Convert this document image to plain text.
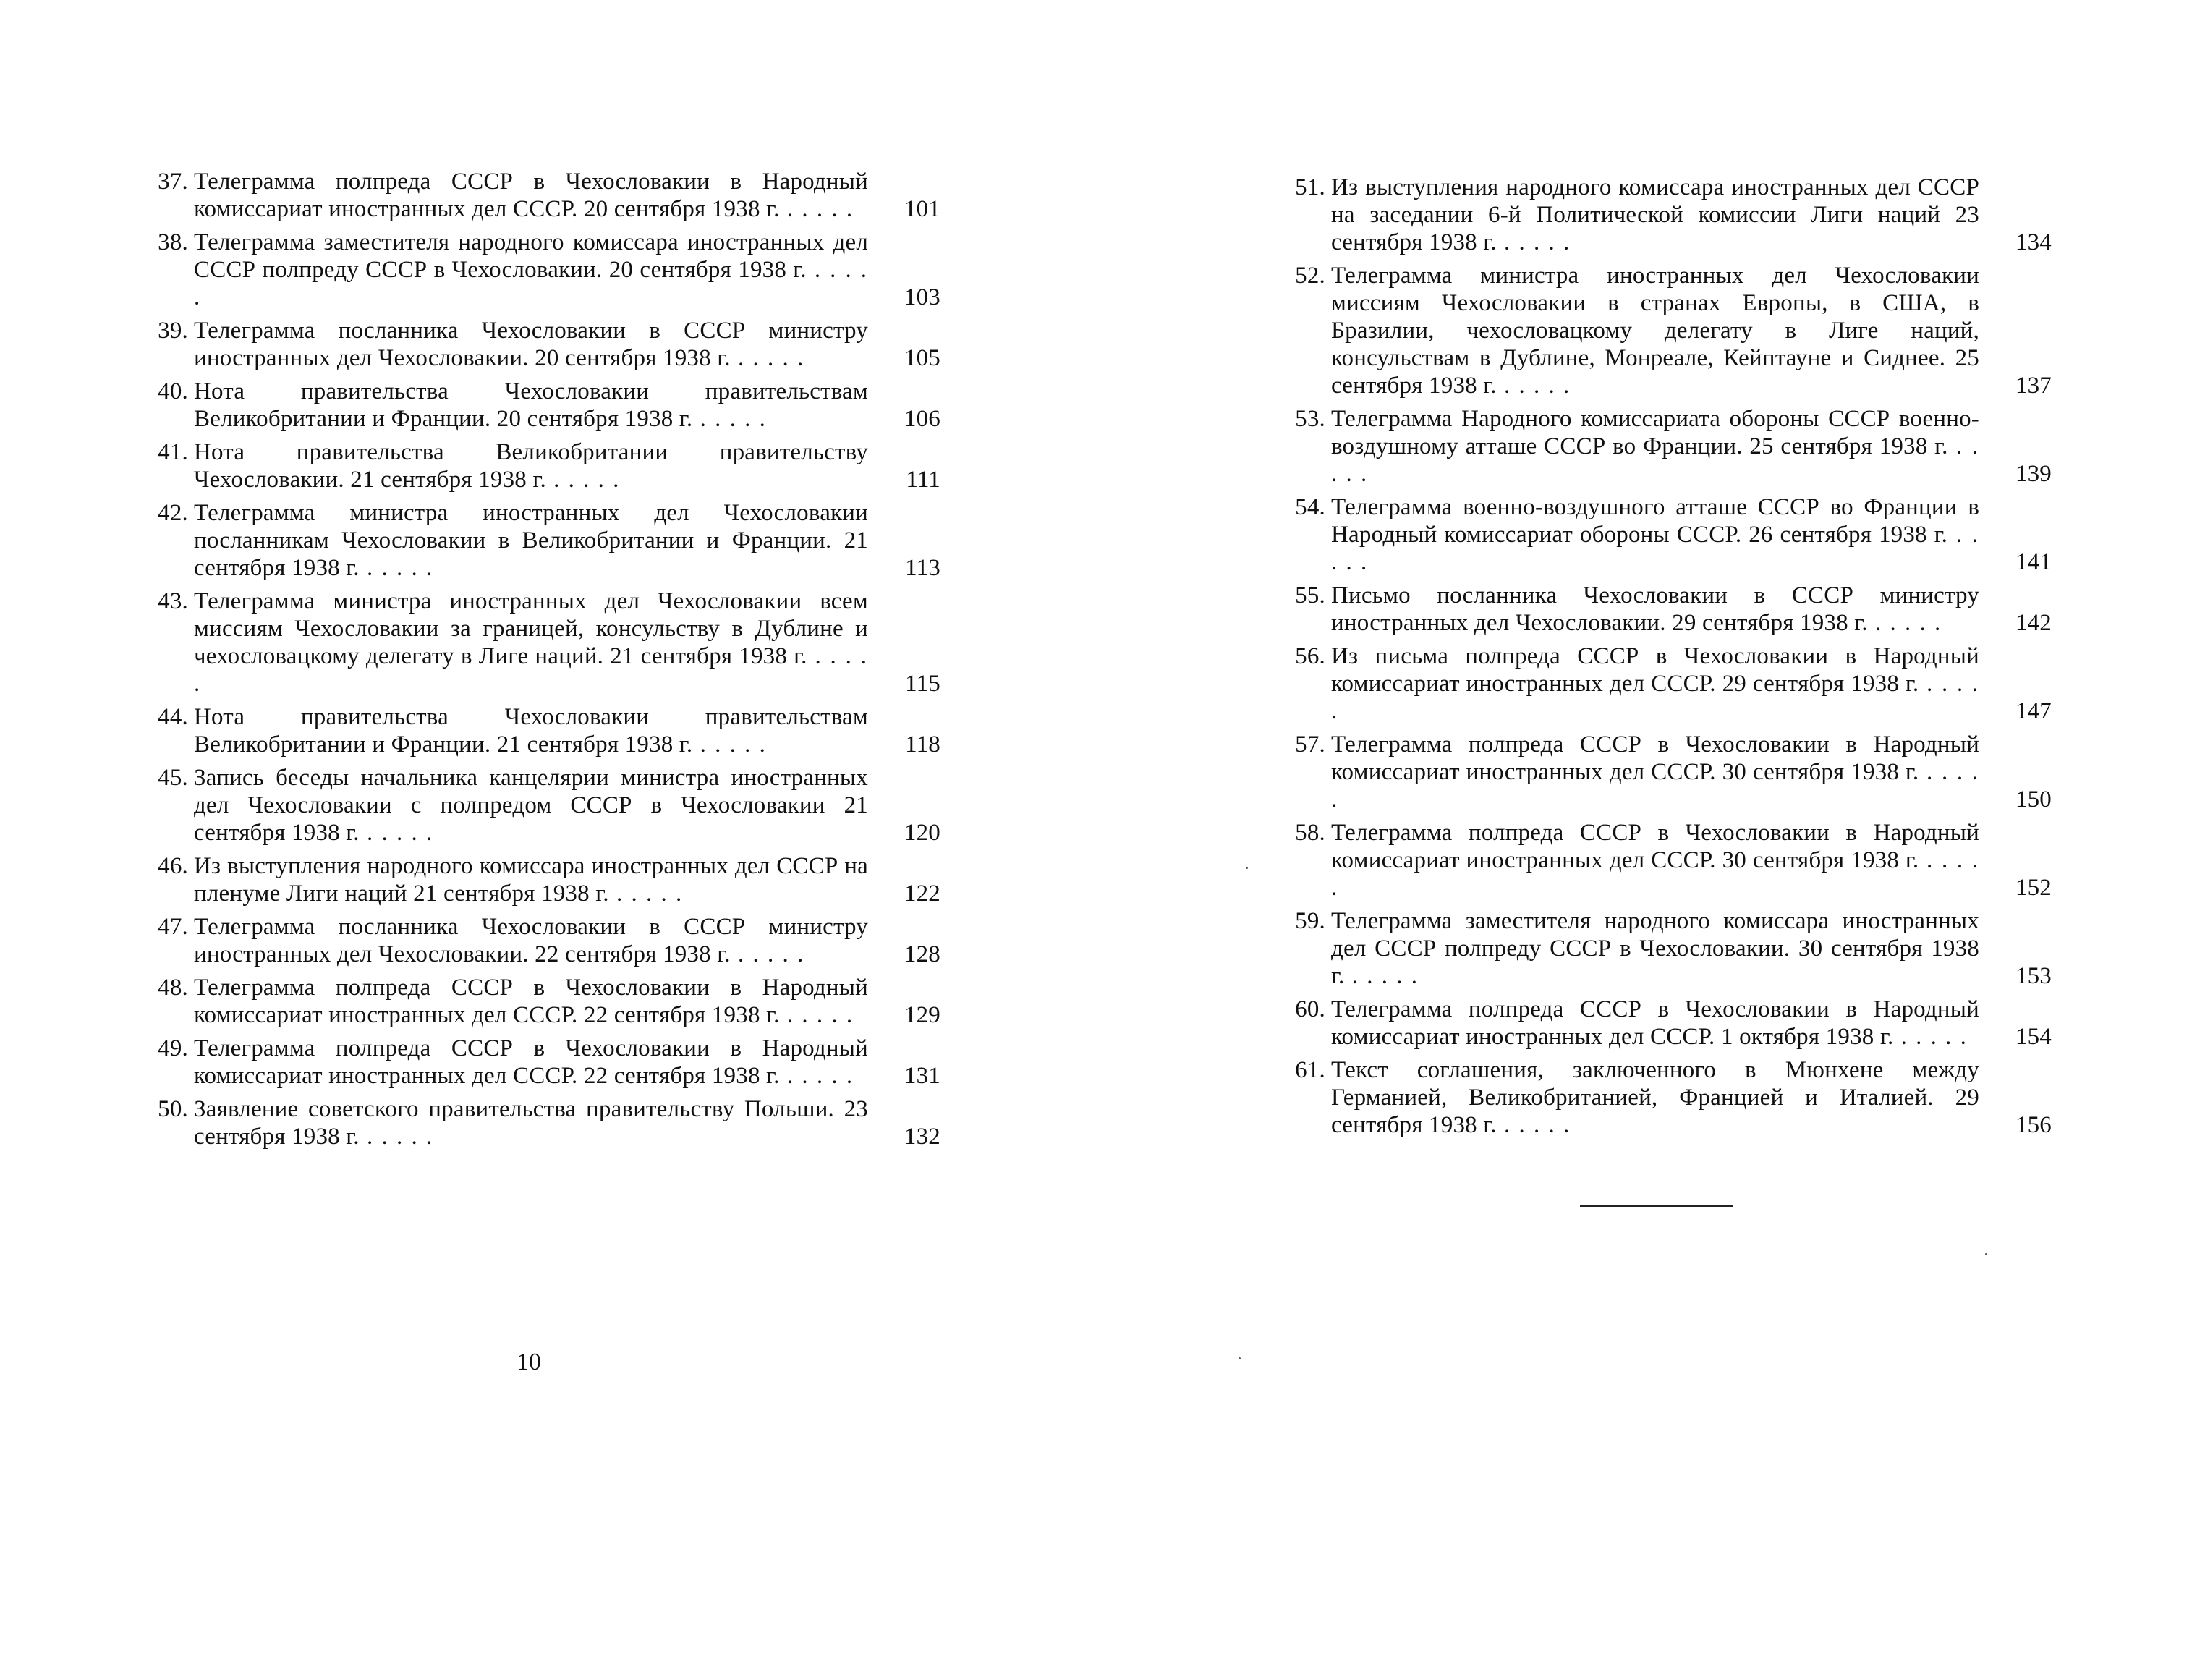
37. Телеграмма полпреда СССР в Чехословакии в Народный комиссариат иностранных дел СССР. 20 сентября 1938 г. . . . . .	101
38. Телеграмма заместителя народного комиссара иностранных дел СССР полпреду СССР в Чехословакии. 20 сентября 1938 г. . . . . .	103
39. Телеграмма посланника Чехословакии в СССР министру иностранных дел Чехословакии. 20 сентября 1938 г. . . . . .	105
40. Нота правительства Чехословакии правительствам Великобритании и Франции. 20 сентября 1938 г. . . . . .	106
41. Нота правительства Великобритании правительству Чехословакии. 21 сентября 1938 г. . . . . .	111
42. Телеграмма министра иностранных дел Чехословакии посланникам Чехословакии в Великобритании и Франции. 21 сентября 1938 г. . . . . .	113
43. Телеграмма министра иностранных дел Чехословакии всем миссиям Чехословакии за границей, консульству в Дублине и чехословацкому делегату в Лиге наций. 21 сентября 1938 г. . . . . .	115
44. Нота правительства Чехословакии правительствам Великобритании и Франции. 21 сентября 1938 г. . . . . .	118
45. Запись беседы начальника канцелярии министра иностранных дел Чехословакии с полпредом СССР в Чехословакии 21 сентября 1938 г. . . . . .	120
46. Из выступления народного комиссара иностранных дел СССР на пленуме Лиги наций 21 сентября 1938 г. . . . . .	122
47. Телеграмма посланника Чехословакии в СССР министру иностранных дел Чехословакии. 22 сентября 1938 г. . . . . .	128
48. Телеграмма полпреда СССР в Чехословакии в Народный комиссариат иностранных дел СССР. 22 сентября 1938 г. . . . . .	129
49. Телеграмма полпреда СССР в Чехословакии в Народный комиссариат иностранных дел СССР. 22 сентября 1938 г. . . . . .	131
50. Заявление советского правительства правительству Польши. 23 сентября 1938 г. . . . . .	132
51. Из выступления народного комиссара иностранных дел СССР на заседании 6-й Политической комиссии Лиги наций 23 сентября 1938 г. . . . . .	134
52. Телеграмма министра иностранных дел Чехословакии миссиям Чехословакии в странах Европы, в США, в Бразилии, чехословацкому делегату в Лиге наций, консульствам в Дублине, Монреале, Кейптауне и Сиднее. 25 сентября 1938 г. . . . . .	137
53. Телеграмма Народного комиссариата обороны СССР военно-воздушному атташе СССР во Франции. 25 сентября 1938 г. . . . . .	139
54. Телеграмма военно-воздушного атташе СССР во Франции в Народный комиссариат обороны СССР. 26 сентября 1938 г. . . . . .	141
55. Письмо посланника Чехословакии в СССР министру иностранных дел Чехословакии. 29 сентября 1938 г. . . . . .	142
56. Из письма полпреда СССР в Чехословакии в Народный комиссариат иностранных дел СССР. 29 сентября 1938 г. . . . . .	147
57. Телеграмма полпреда СССР в Чехословакии в Народный комиссариат иностранных дел СССР. 30 сентября 1938 г. . . . . .	150
58. Телеграмма полпреда СССР в Чехословакии в Народный комиссариат иностранных дел СССР. 30 сентября 1938 г. . . . . .	152
59. Телеграмма заместителя народного комиссара иностранных дел СССР полпреду СССР в Чехословакии. 30 сентября 1938 г. . . . . .	153
60. Телеграмма полпреда СССР в Чехословакии в Народный комиссариат иностранных дел СССР. 1 октября 1938 г. . . . . .	154
61. Текст соглашения, заключенного в Мюнхене между Германией, Великобританией, Францией и Италией. 29 сентября 1938 г. . . . . .	156
10
